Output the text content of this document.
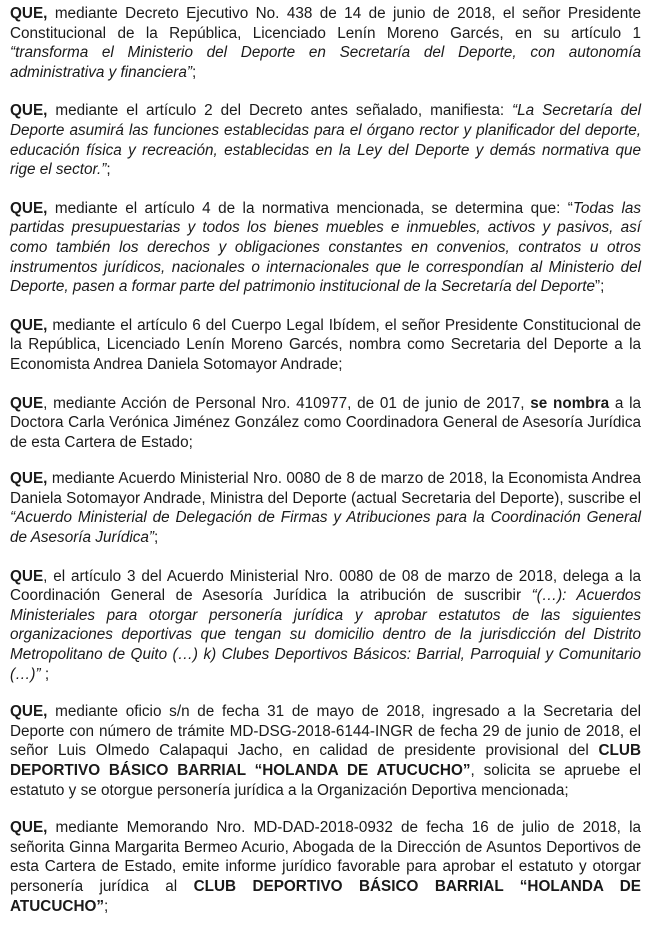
QUE, mediante Decreto Ejecutivo No. 438 de 14 de junio de 2018, el señor Presidente Constitucional de la República, Licenciado Lenín Moreno Garcés, en su artículo 1 “transforma el Ministerio del Deporte en Secretaría del Deporte, con autonomía administrativa y financiera”;

QUE, mediante el artículo 2 del Decreto antes señalado, manifiesta: “La Secretaría del Deporte asumirá las funciones establecidas para el órgano rector y planificador del deporte, educación física y recreación, establecidas en la Ley del Deporte y demás normativa que rige el sector.”;

QUE, mediante el artículo 4 de la normativa mencionada, se determina que: “Todas las partidas presupuestarias y todos los bienes muebles e inmuebles, activos y pasivos, así como también los derechos y obligaciones constantes en convenios, contratos u otros instrumentos jurídicos, nacionales o internacionales que le correspondían al Ministerio del Deporte, pasen a formar parte del patrimonio institucional de la Secretaría del Deporte”;

QUE, mediante el artículo 6 del Cuerpo Legal Ibídem, el señor Presidente Constitucional de la República, Licenciado Lenín Moreno Garcés, nombra como Secretaria del Deporte a la Economista Andrea Daniela Sotomayor Andrade;

QUE, mediante Acción de Personal Nro. 410977, de 01 de junio de 2017, se nombra a la Doctora Carla Verónica Jiménez González como Coordinadora General de Asesoría Jurídica de esta Cartera de Estado;

QUE, mediante Acuerdo Ministerial Nro. 0080 de 8 de marzo de 2018, la Economista Andrea Daniela Sotomayor Andrade, Ministra del Deporte (actual Secretaria del Deporte), suscribe el “Acuerdo Ministerial de Delegación de Firmas y Atribuciones para la Coordinación General de Asesoría Jurídica”;

QUE, el artículo 3 del Acuerdo Ministerial Nro. 0080 de 08 de marzo de 2018, delega a la Coordinación General de Asesoría Jurídica la atribución de suscribir “(…): Acuerdos Ministeriales para otorgar personería jurídica y aprobar estatutos de las siguientes organizaciones deportivas que tengan su domicilio dentro de la jurisdicción del Distrito Metropolitano de Quito (…) k) Clubes Deportivos Básicos: Barrial, Parroquial y Comunitario (…)” ;

QUE, mediante oficio s/n de fecha 31 de mayo de 2018, ingresado a la Secretaria del Deporte con número de trámite MD-DSG-2018-6144-INGR de fecha 29 de junio de 2018, el señor Luis Olmedo Calapaqui Jacho, en calidad de presidente provisional del CLUB DEPORTIVO BÁSICO BARRIAL “HOLANDA DE ATUCUCHO”, solicita se apruebe el estatuto y se otorgue personería jurídica a la Organización Deportiva mencionada;

QUE, mediante Memorando Nro. MD-DAD-2018-0932 de fecha 16 de julio de 2018, la señorita Ginna Margarita Bermeo Acurio, Abogada de la Dirección de Asuntos Deportivos de esta Cartera de Estado, emite informe jurídico favorable para aprobar el estatuto y otorgar personería jurídica al CLUB DEPORTIVO BÁSICO BARRIAL “HOLANDA DE ATUCUCHO”;
